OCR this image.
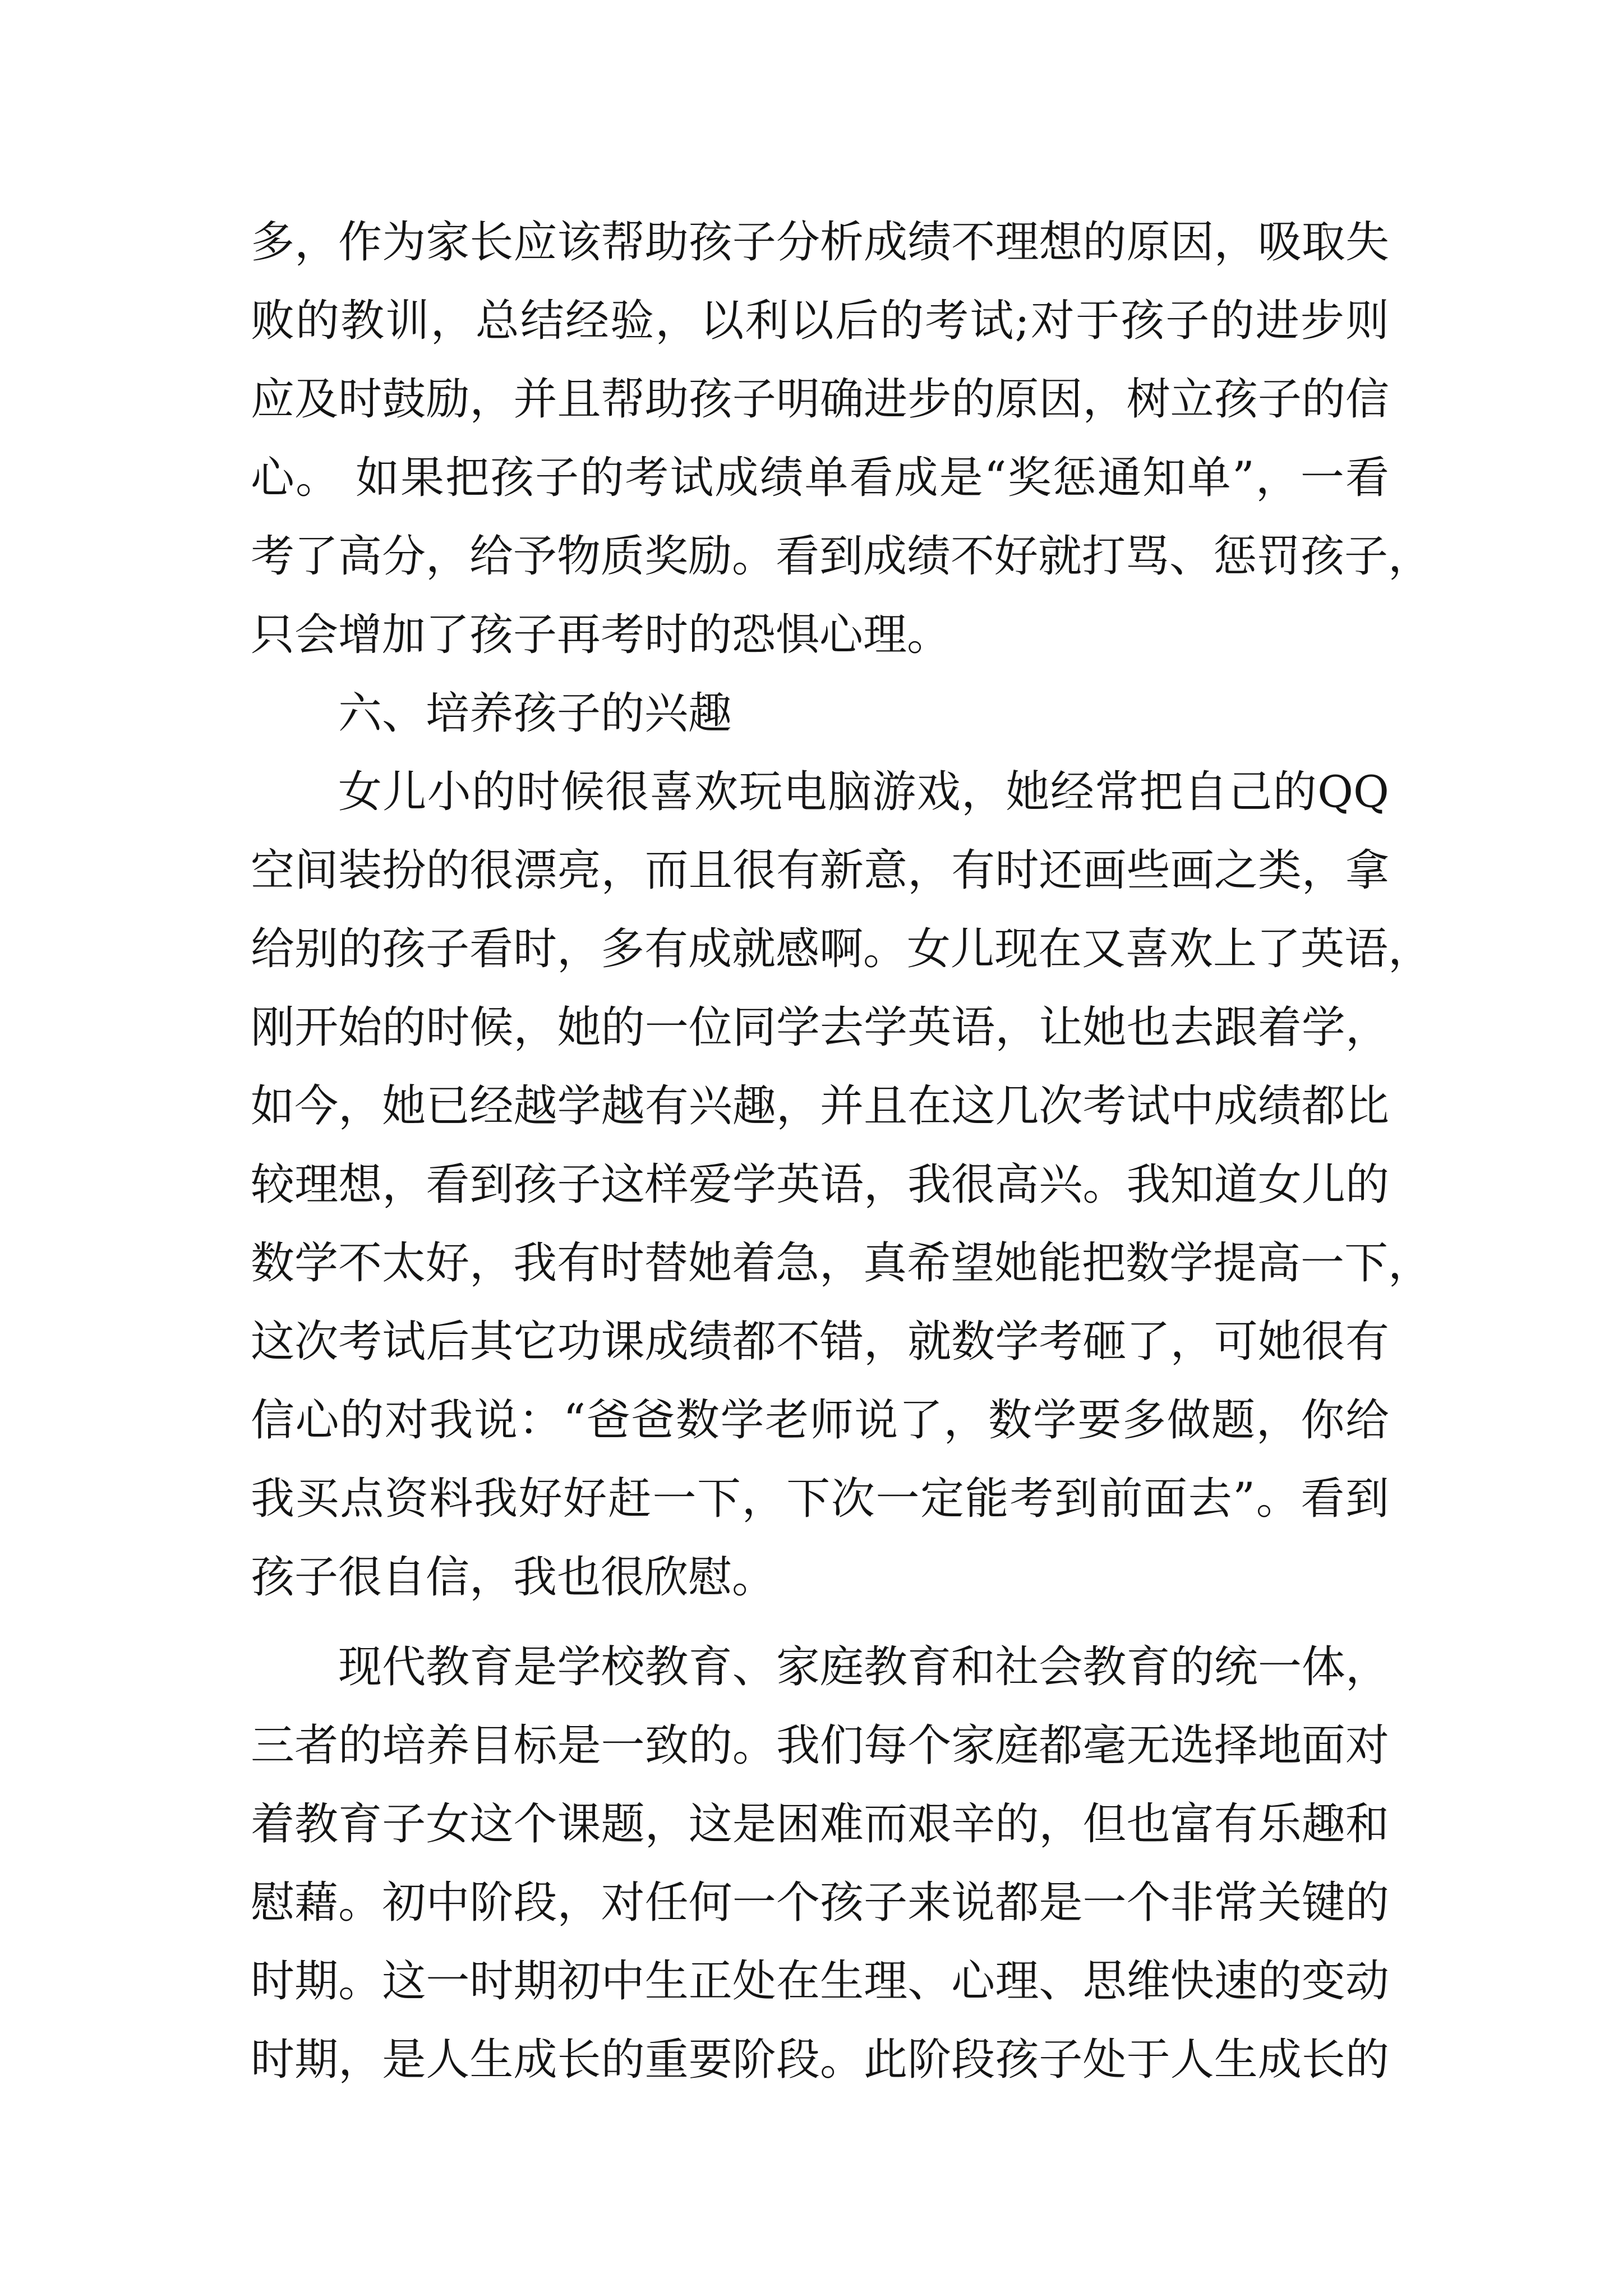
多，作为家长应该帮助孩子分析成绩不理想的原因，吸取失
败的教训，总结经验，以利以后的考试;对于孩子的进步则
应及时鼓励，并且帮助孩子明确进步的原因，树立孩子的信
心。 如果把孩子的考试成绩单看成是“奖惩通知单”，一看
考了高分，给予物质奖励。看到成绩不好就打骂、惩罚孩子，
只会增加了孩子再考时的恐惧心理。
六、培养孩子的兴趣
女儿小的时候很喜欢玩电脑游戏，她经常把自己的QQ
空间装扮的很漂亮，而且很有新意，有时还画些画之类，拿
给别的孩子看时，多有成就感啊。女儿现在又喜欢上了英语，
刚开始的时候，她的一位同学去学英语，让她也去跟着学，
如今，她已经越学越有兴趣，并且在这几次考试中成绩都比
较理想，看到孩子这样爱学英语，我很高兴。我知道女儿的
数学不太好，我有时替她着急，真希望她能把数学提高一下，
这次考试后其它功课成绩都不错，就数学考砸了，可她很有
信心的对我说：“爸爸数学老师说了，数学要多做题，你给
我买点资料我好好赶一下，下次一定能考到前面去”。看到
孩子很自信，我也很欣慰。
现代教育是学校教育、家庭教育和社会教育的统一体，
三者的培养目标是一致的。我们每个家庭都毫无选择地面对
着教育子女这个课题，这是困难而艰辛的，但也富有乐趣和
慰藉。初中阶段，对任何一个孩子来说都是一个非常关键的
时期。这一时期初中生正处在生理、心理、思维快速的变动
时期，是人生成长的重要阶段。此阶段孩子处于人生成长的
